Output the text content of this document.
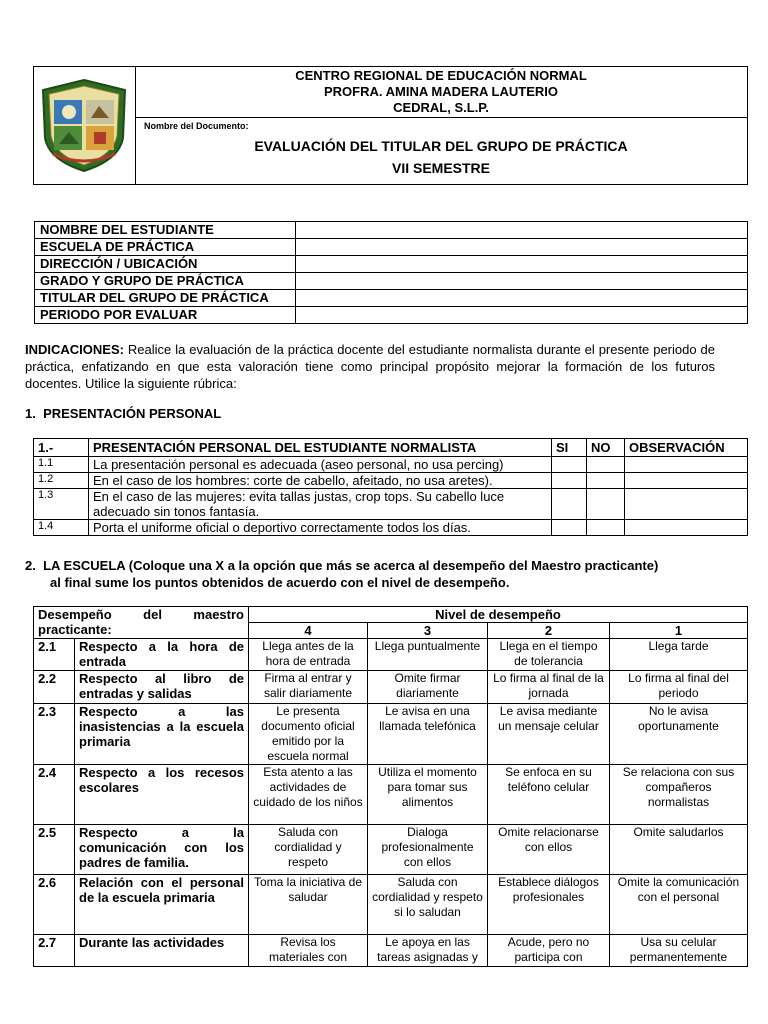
CENTRO REGIONAL DE EDUCACIÓN NORMAL
PROFRA. AMINA MADERA LAUTERIO
CEDRAL, S.L.P.
Nombre del Documento:
EVALUACIÓN DEL TITULAR DEL GRUPO DE PRÁCTICA
VII SEMESTRE
NOMBRE DEL ESTUDIANTE	
ESCUELA DE PRÁCTICA	
DIRECCIÓN / UBICACIÓN	
GRADO Y GRUPO DE PRÁCTICA	
TITULAR DEL GRUPO DE PRÁCTICA	
PERIODO POR EVALUAR	
INDICACIONES: Realice la evaluación de la práctica docente del estudiante normalista durante el presente periodo de práctica, enfatizando en que esta valoración tiene como principal propósito mejorar la formación de los futuros docentes. Utilice la siguiente rúbrica:
1.  PRESENTACIÓN PERSONAL
1.-	PRESENTACIÓN PERSONAL DEL ESTUDIANTE NORMALISTA	SI	NO	OBSERVACIÓN
1.1	La presentación personal es adecuada (aseo personal, no usa percing)			
1.2	En el caso de los hombres: corte de cabello, afeitado, no usa aretes).			
1.3	En el caso de las mujeres: evita tallas justas, crop tops. Su cabello luce adecuado sin tonos fantasía.			
1.4	Porta el uniforme oficial o deportivo correctamente todos los días.			
2.  LA ESCUELA (Coloque una X a la opción que más se acerca al desempeño del Maestro practicante)
al final sume los puntos obtenidos de acuerdo con el nivel de desempeño.
Desempeño del maestro practicante:		Nivel de desempeño			
		4	3	2	1
2.1	Respecto a la hora de entrada	Llega antes de la hora de entrada	Llega puntualmente	Llega en el tiempo de tolerancia	Llega tarde
2.2	Respecto al libro de entradas y salidas	Firma al entrar y salir diariamente	Omite firmar diariamente	Lo firma al final de la jornada	Lo firma al final del periodo
2.3	Respecto a las inasistencias a la escuela primaria	Le presenta documento oficial emitido por la escuela normal	Le avisa en una llamada telefónica	Le avisa mediante un mensaje celular	No le avisa oportunamente
2.4	Respecto a los recesos escolares	Esta atento a las actividades de cuidado de los niños	Utiliza el momento para tomar sus alimentos	Se enfoca en su teléfono celular	Se relaciona con sus compañeros normalistas
2.5	Respecto a la comunicación con los padres de familia.	Saluda con cordialidad y respeto	Dialoga profesionalmente con ellos	Omite relacionarse con ellos	Omite saludarlos
2.6	Relación con el personal de la escuela primaria	Toma la iniciativa de saludar	Saluda con cordialidad y respeto si lo saludan	Establece diálogos profesionales	Omite la comunicación con el personal
2.7	Durante las actividades	Revisa los materiales con	Le apoya en las tareas asignadas y	Acude, pero no participa con	Usa su celular permanentemente
